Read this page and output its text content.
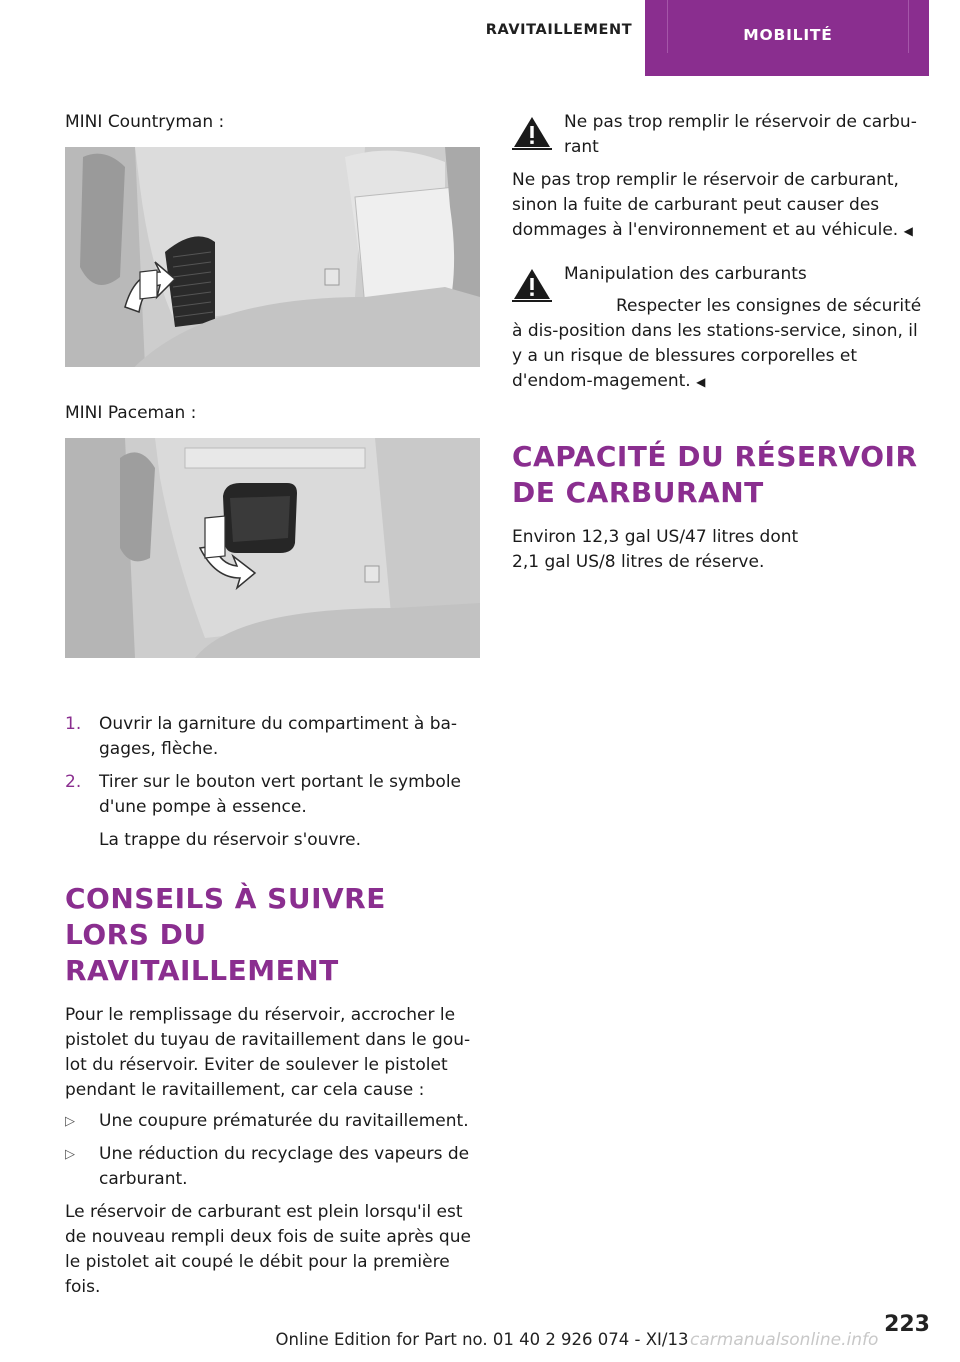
RAVITAILLEMENT	MOBILITÉ

MINI Countryman :

MINI Paceman :

1. Ouvrir la garniture du compartiment à ba-gages, flèche.
2. Tirer sur le bouton vert portant le symbole d'une pompe à essence.

La trappe du réservoir s'ouvre.

CONSEILS À SUIVRE LORS DU RAVITAILLEMENT

Pour le remplissage du réservoir, accrocher le pistolet du tuyau de ravitaillement dans le gou-lot du réservoir. Eviter de soulever le pistolet pendant le ravitaillement, car cela cause :

▷ Une coupure prématurée du ravitaillement.
▷ Une réduction du recyclage des vapeurs de carburant.

Le réservoir de carburant est plein lorsqu'il est de nouveau rempli deux fois de suite après que le pistolet ait coupé le débit pour la première fois.

Ne pas trop remplir le réservoir de carbu-rant

Ne pas trop remplir le réservoir de carburant, sinon la fuite de carburant peut causer des dommages à l'environnement et au véhicule. ◀

Manipulation des carburants

Respecter les consignes de sécurité à dis-position dans les stations-service, sinon, il y a un risque de blessures corporelles et d'endom-magement. ◀

CAPACITÉ DU RÉSERVOIR DE CARBURANT

Environ 12,3 gal US/47 litres dont

2,1 gal US/8 litres de réserve.

223
Online Edition for Part no. 01 40 2 926 074 - XI/13 carmanualsonline.info
